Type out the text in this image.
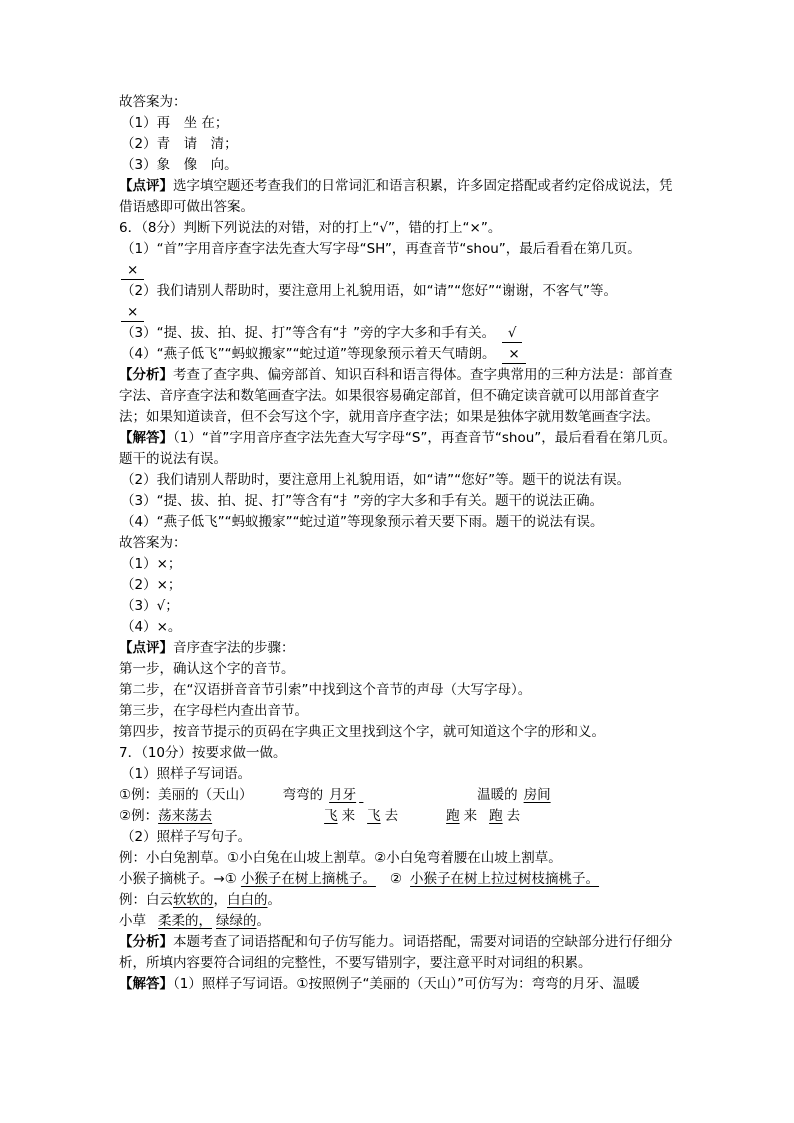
故答案为：
（1）再　坐 在；
（2）青　请　清；
（3）象　像　向。
【点评】选字填空题还考查我们的日常词汇和语言积累，许多固定搭配或者约定俗成说法，凭借语感即可做出答案。
6．（8分）判断下列说法的对错，对的打上“√”，错的打上“×”。
（1）“首”字用音序查字法先查大写字母“SH”，再查音节“shou”，最后看看在第几页。
×
（2）我们请别人帮助时，要注意用上礼貌用语，如“请”“您好”“谢谢，不客气”等。
×
（3）“提、拔、拍、捉、打”等含有“扌”旁的字大多和手有关。　 √
（4）“燕子低飞”“蚂蚁搬家”“蛇过道”等现象预示着天气晴朗。　 ×
【分析】考查了查字典、偏旁部首、知识百科和语言得体。查字典常用的三种方法是：部首查字法、音序查字法和数笔画查字法。如果很容易确定部首，但不确定读音就可以用部首查字法；如果知道读音，但不会写这个字，就用音序查字法；如果是独体字就用数笔画查字法。
【解答】（1）“首”字用音序查字法先查大写字母“S”，再查音节“shou”，最后看看在第几页。题干的说法有误。
（2）我们请别人帮助时，要注意用上礼貌用语，如“请”“您好”等。题干的说法有误。
（3）“提、拔、拍、捉、打”等含有“扌”旁的字大多和手有关。题干的说法正确。
（4）“燕子低飞”“蚂蚁搬家”“蛇过道”等现象预示着天要下雨。题干的说法有误。
故答案为：
（1）×；
（2）×；
（3）√；
（4）×。
【点评】音序查字法的步骤：
第一步，确认这个字的音节。
第二步，在“汉语拼音音节引索”中找到这个音节的声母（大写字母）。
第三步，在字母栏内查出音节。
第四步，按音节提示的页码在字典正文里找到这个字，就可知道这个字的形和义。
7．（10分）按要求做一做。
（1）照样子写词语。
①例：美丽的（天山） 弯弯的 月牙	温暖的 房间
②例：荡来荡去	飞 来 飞 去	跑 来 跑 去
（2）照样子写句子。
例：小白兔割草。①小白兔在山坡上割草。②小白兔弯着腰在山坡上割草。
小猴子摘桃子。→① 小猴子在树上摘桃子。 ② 小猴子在树上拉过树枝摘桃子。
例：白云软软的，白白的。
小草 柔柔的， 绿绿的。
【分析】本题考查了词语搭配和句子仿写能力。词语搭配，需要对词语的空缺部分进行仔细分析，所填内容要符合词组的完整性，不要写错别字，要注意平时对词组的积累。
【解答】（1）照样子写词语。①按照例子“美丽的（天山）”可仿写为：弯弯的月牙、温暖
